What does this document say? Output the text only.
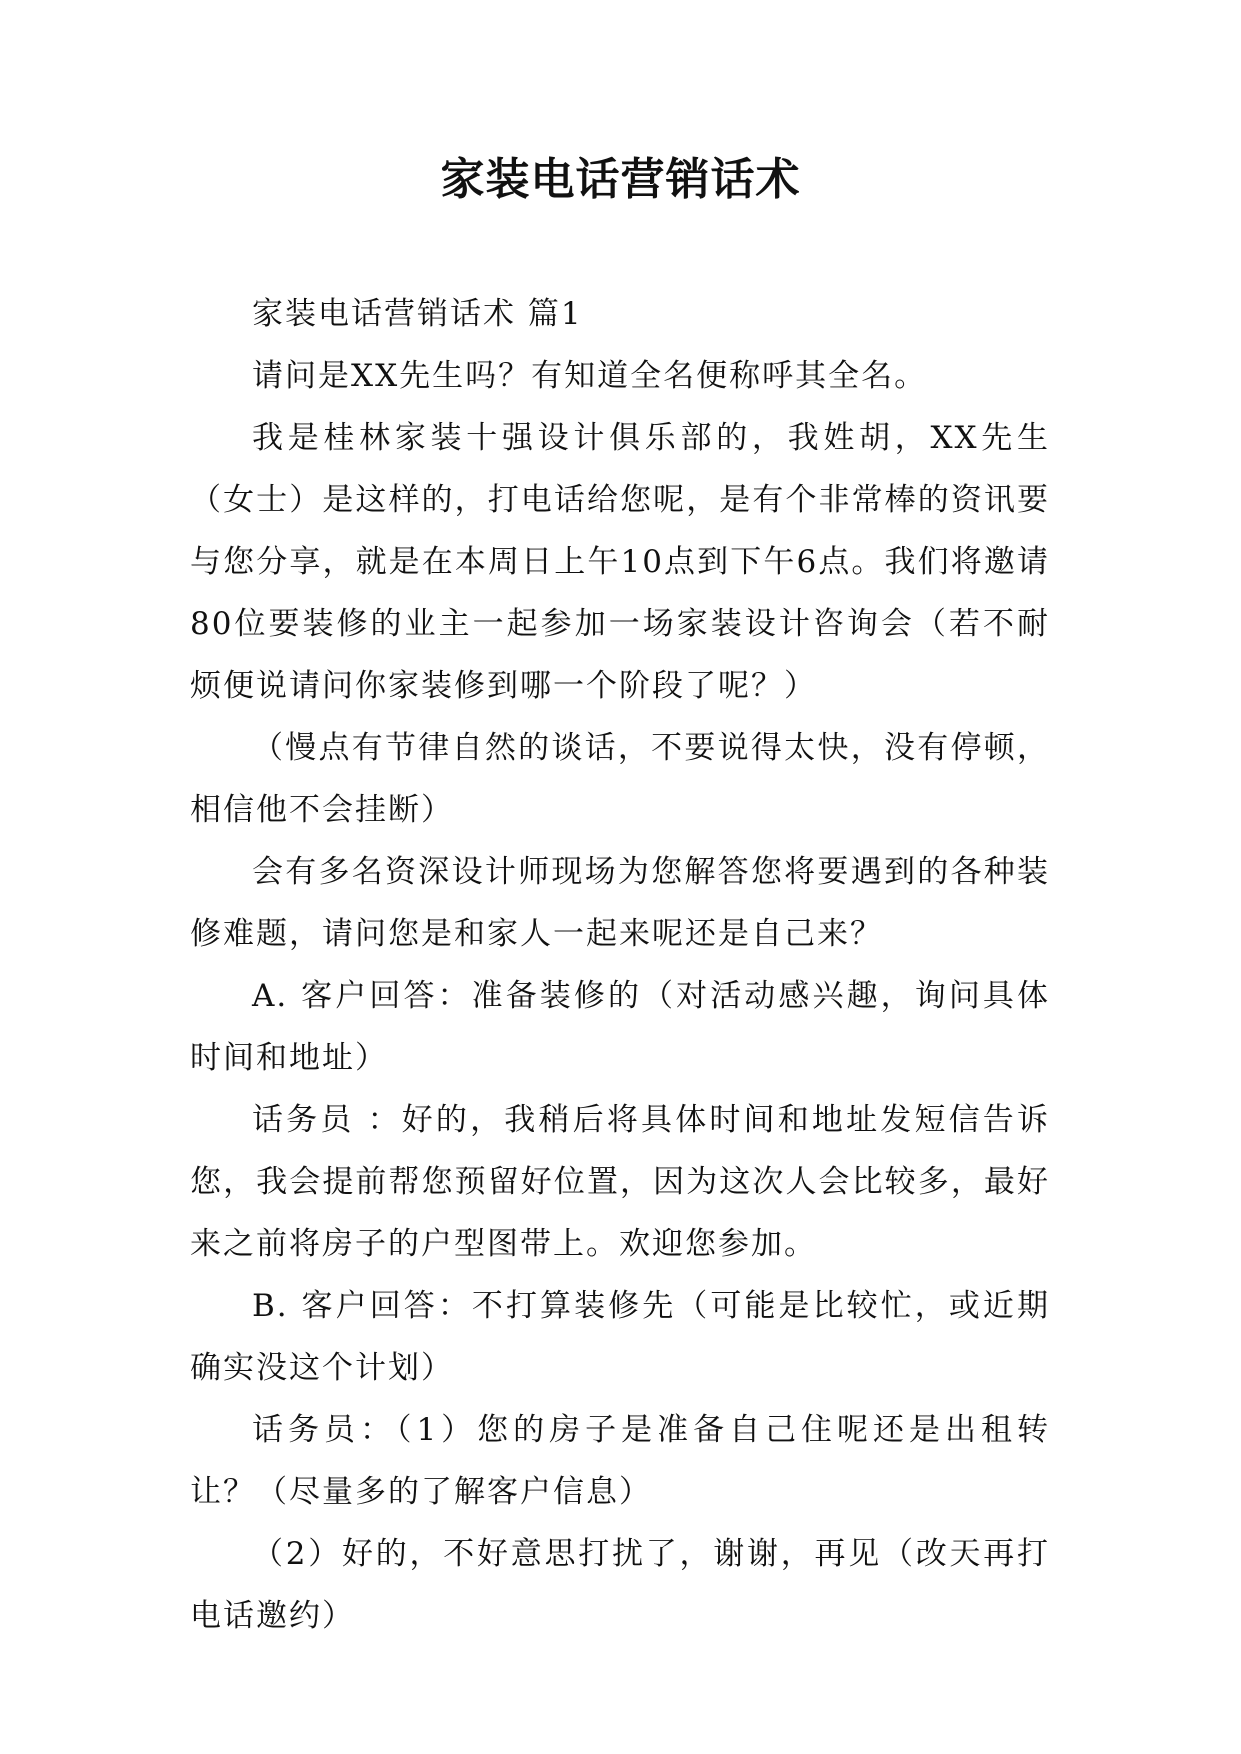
家装电话营销话术

家装电话营销话术 篇1

请问是XX先生吗？有知道全名便称呼其全名。

我是桂林家装十强设计俱乐部的，我姓胡，XX先生（女士）是这样的，打电话给您呢，是有个非常棒的资讯要与您分享，就是在本周日上午10点到下午6点。我们将邀请80位要装修的业主一起参加一场家装设计咨询会（若不耐烦便说请问你家装修到哪一个阶段了呢？）

（慢点有节律自然的谈话，不要说得太快，没有停顿，相信他不会挂断）

会有多名资深设计师现场为您解答您将要遇到的各种装修难题，请问您是和家人一起来呢还是自己来？

A. 客户回答：准备装修的（对活动感兴趣，询问具体时间和地址）

话务员 ：好的，我稍后将具体时间和地址发短信告诉您，我会提前帮您预留好位置，因为这次人会比较多，最好来之前将房子的户型图带上。欢迎您参加。

B. 客户回答：不打算装修先（可能是比较忙，或近期确实没这个计划）

话务员：（1）您的房子是准备自己住呢还是出租转让？（尽量多的了解客户信息）

（2）好的，不好意思打扰了，谢谢，再见（改天再打电话邀约）
